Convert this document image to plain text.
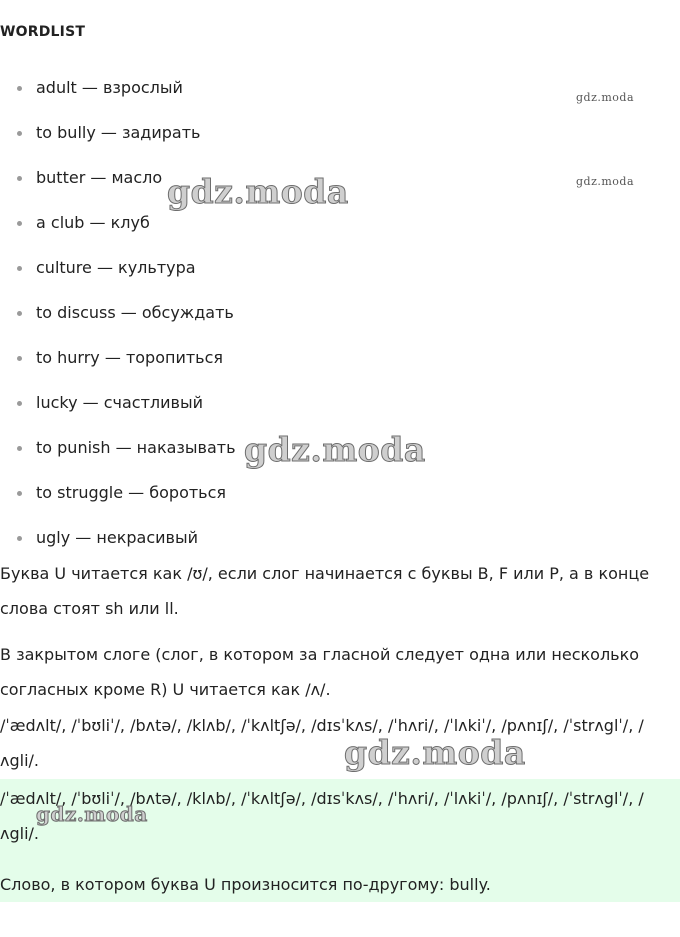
WORDLIST
adult — взрослый
to bully — задирать
butter — масло
a club — клуб
culture — культура
to discuss — обсуждать
to hurry — торопиться
lucky — счастливый
to punish — наказывать
to struggle — бороться
ugly — некрасивый
Буква U читается как /ʊ/, если слог начинается с буквы B, F или P, а в конце слова стоят sh или ll.
В закрытом слоге (слог, в котором за гласной следует одна или несколько согласных кроме R) U читается как /ʌ/.
/ˈædʌlt/, /ˈbʊliˈ/, /bʌtə/, /klʌb/, /ˈkʌltʃə/, /dɪsˈkʌs/, /ˈhʌri/, /ˈlʌkiˈ/, /pʌnɪʃ/, /ˈstrʌglˈ/, /ʌgli/.
/ˈædʌlt/, /ˈbʊliˈ/, /bʌtə/, /klʌb/, /ˈkʌltʃə/, /dɪsˈkʌs/, /ˈhʌri/, /ˈlʌkiˈ/, /pʌnɪʃ/, /ˈstrʌglˈ/, /ʌgli/.
Слово, в котором буква U произносится по-другому: bully.
gdz.moda
gdz.moda
gdz.moda
gdz.moda
gdz.moda
gdz.moda
